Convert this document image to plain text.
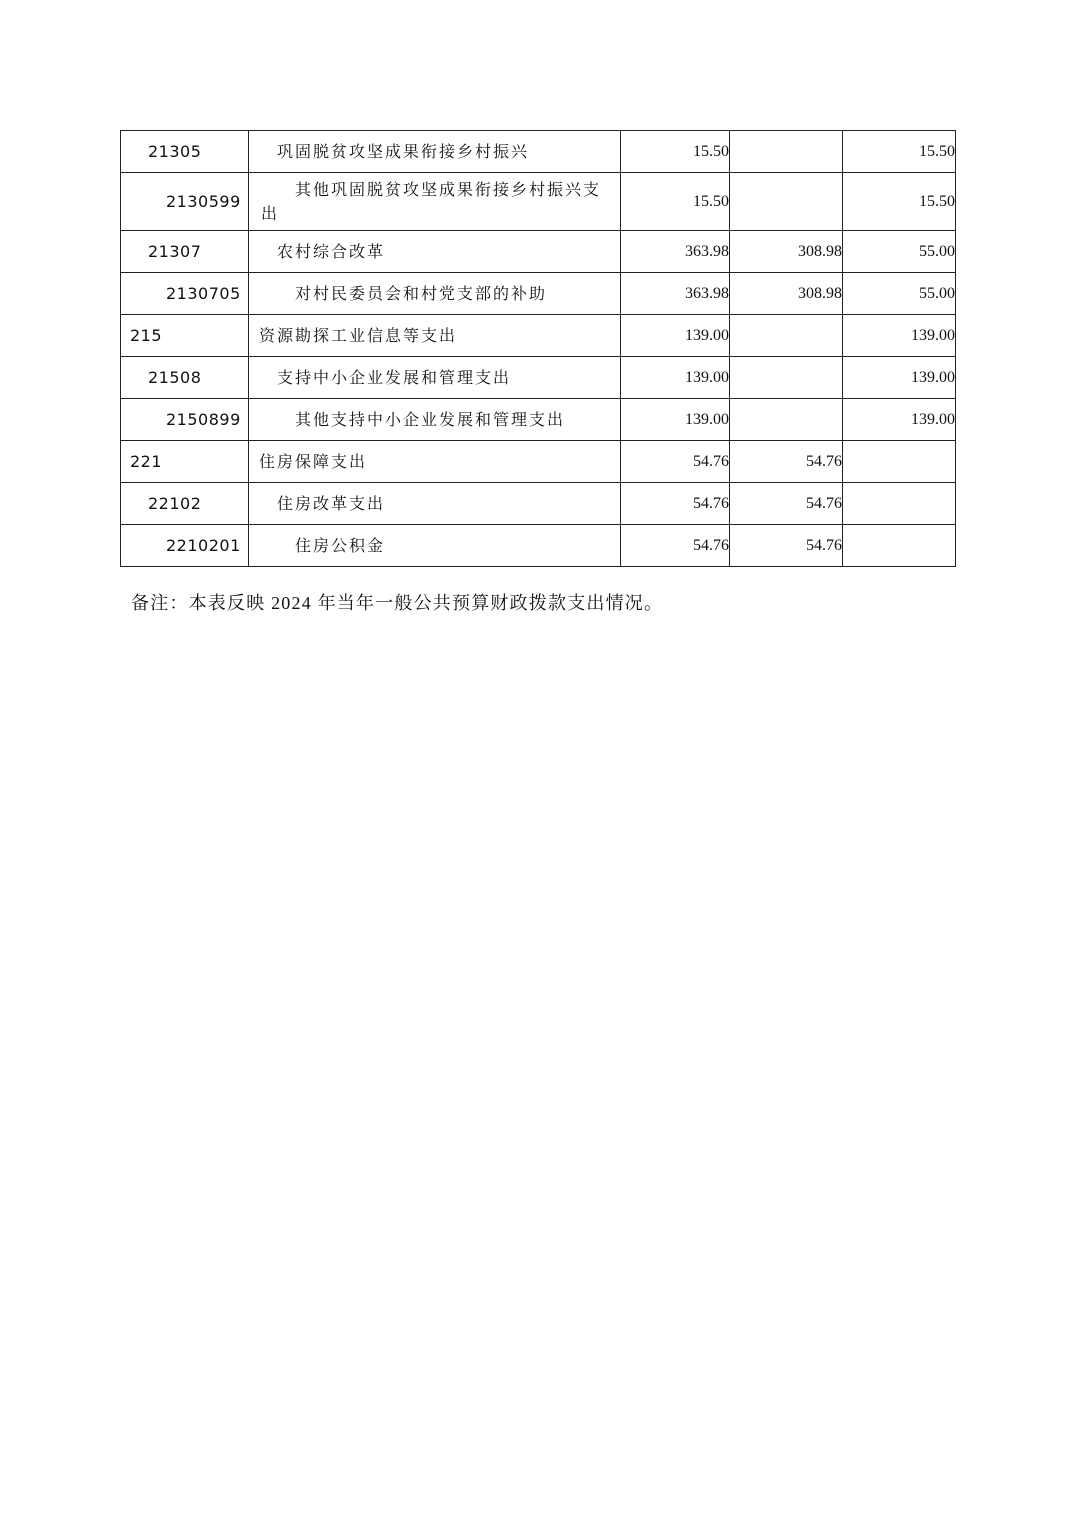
21305	巩固脱贫攻坚成果衔接乡村振兴	15.50		15.50
2130599	其他巩固脱贫攻坚成果衔接乡村振兴支出	15.50		15.50
21307	农村综合改革	363.98	308.98	55.00
2130705	对村民委员会和村党支部的补助	363.98	308.98	55.00
215	资源勘探工业信息等支出	139.00		139.00
21508	支持中小企业发展和管理支出	139.00		139.00
2150899	其他支持中小企业发展和管理支出	139.00		139.00
221	住房保障支出	54.76	54.76	
22102	住房改革支出	54.76	54.76	
2210201	住房公积金	54.76	54.76	
备注：本表反映 2024 年当年一般公共预算财政拨款支出情况。
